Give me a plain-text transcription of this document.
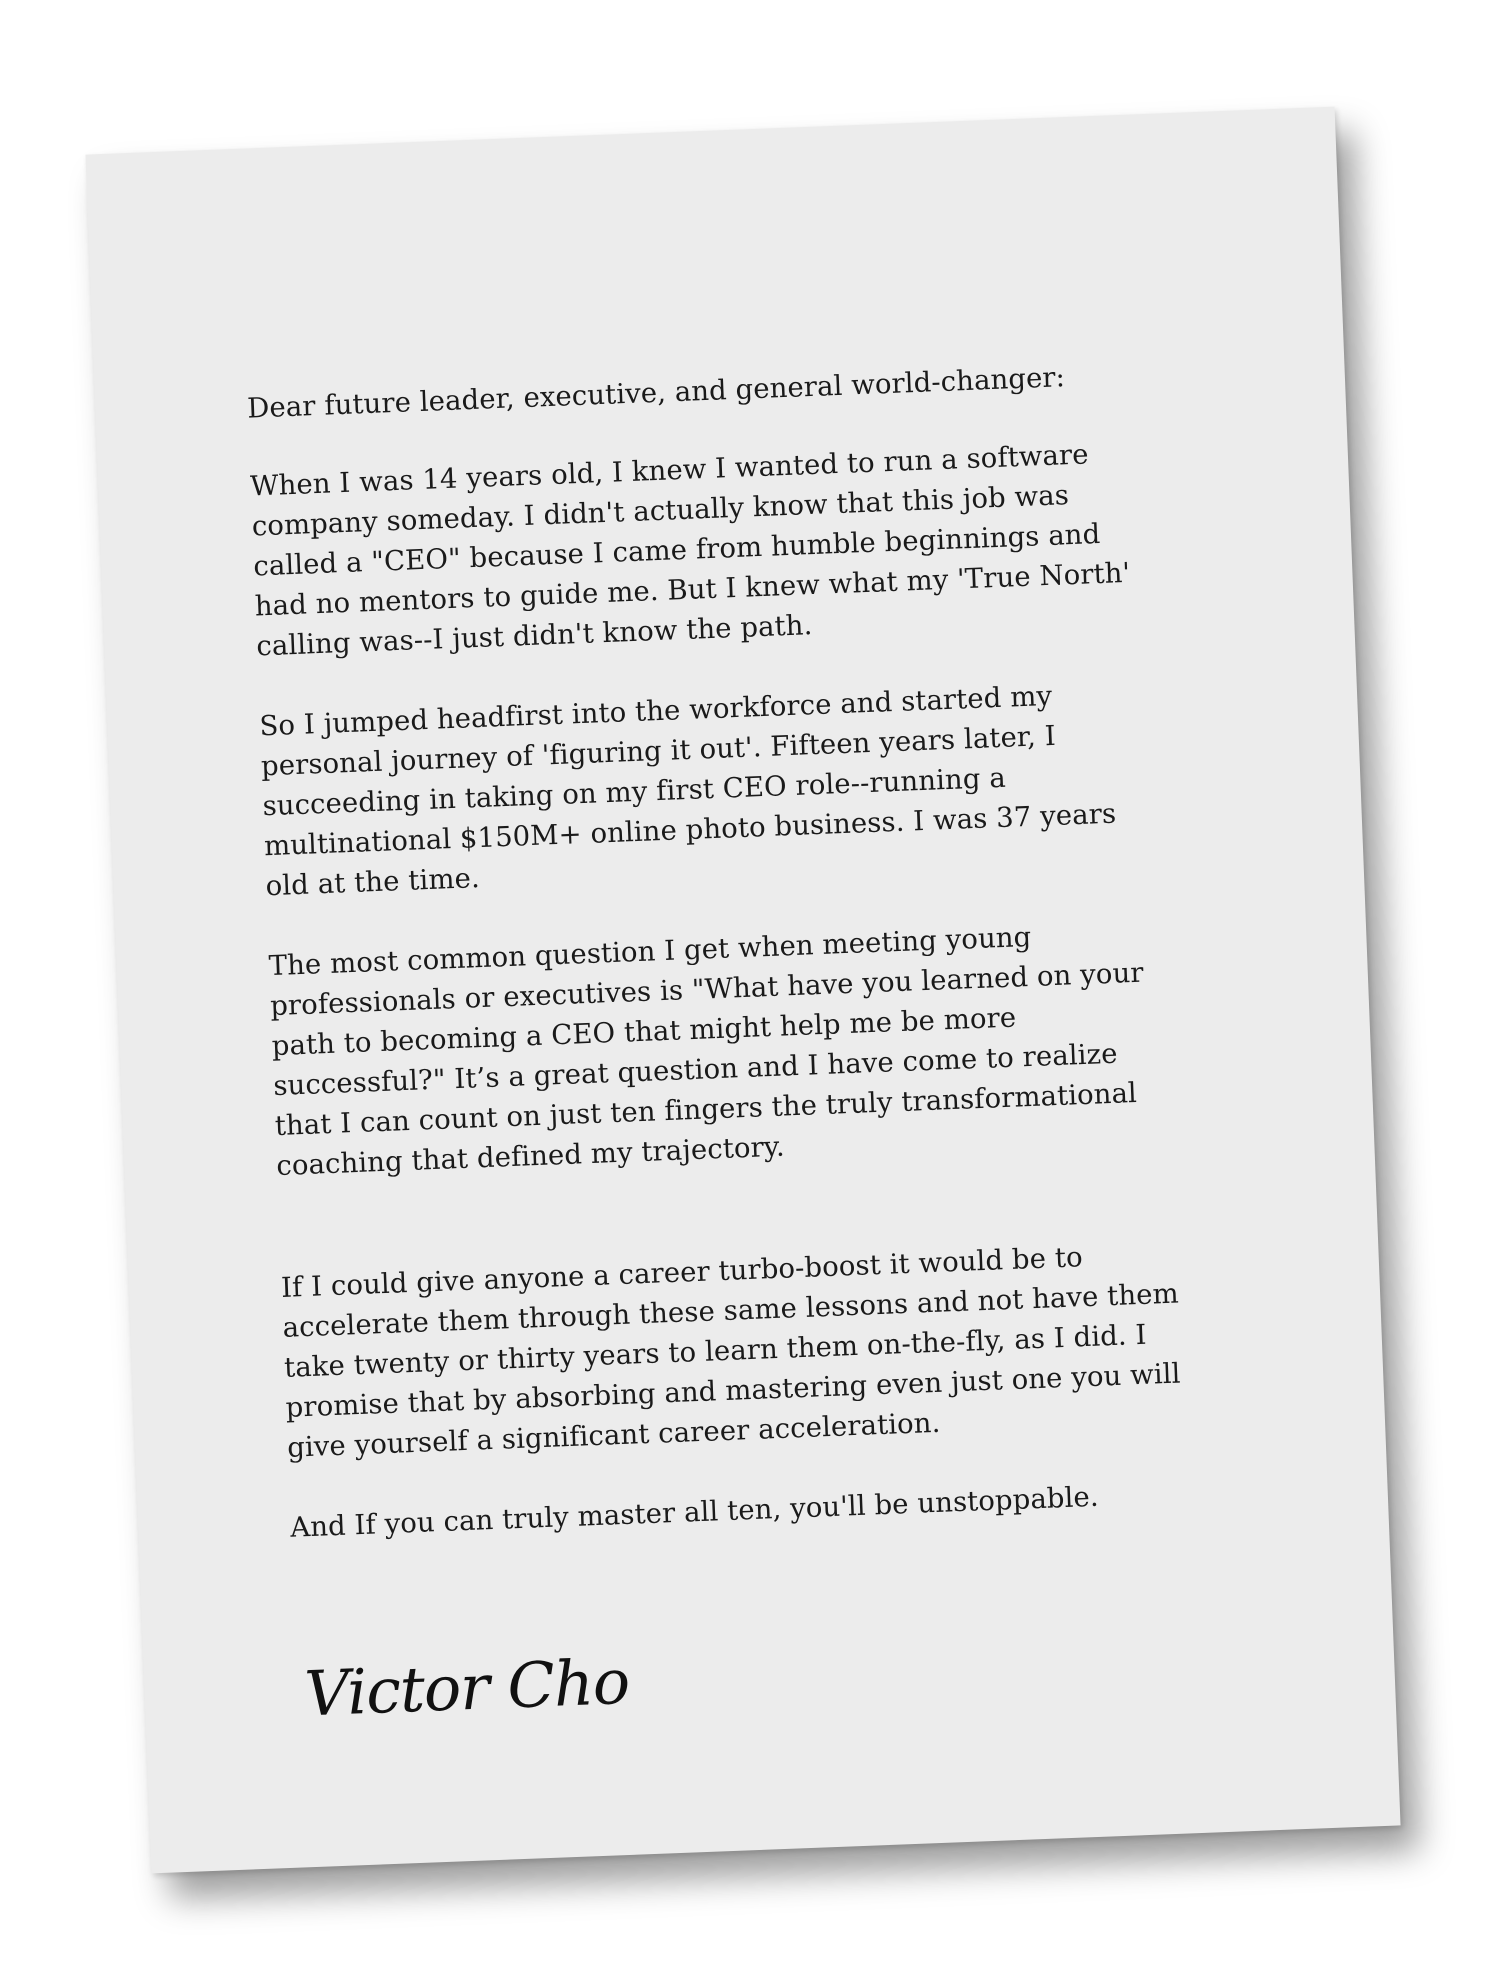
Dear future leader, executive, and general world-changer:

When I was 14 years old, I knew I wanted to run a software company someday. I didn't actually know that this job was called a "CEO" because I came from humble beginnings and had no mentors to guide me. But I knew what my 'True North' calling was--I just didn't know the path.

So I jumped headfirst into the workforce and started my personal journey of 'figuring it out'. Fifteen years later, I succeeding in taking on my first CEO role--running a multinational $150M+ online photo business. I was 37 years old at the time.

The most common question I get when meeting young professionals or executives is "What have you learned on your path to becoming a CEO that might help me be more successful?" It’s a great question and I have come to realize that I can count on just ten fingers the truly transformational coaching that defined my trajectory.

If I could give anyone a career turbo-boost it would be to accelerate them through these same lessons and not have them take twenty or thirty years to learn them on-the-fly, as I did. I promise that by absorbing and mastering even just one you will give yourself a significant career acceleration.

And If you can truly master all ten, you'll be unstoppable.

Victor Cho
